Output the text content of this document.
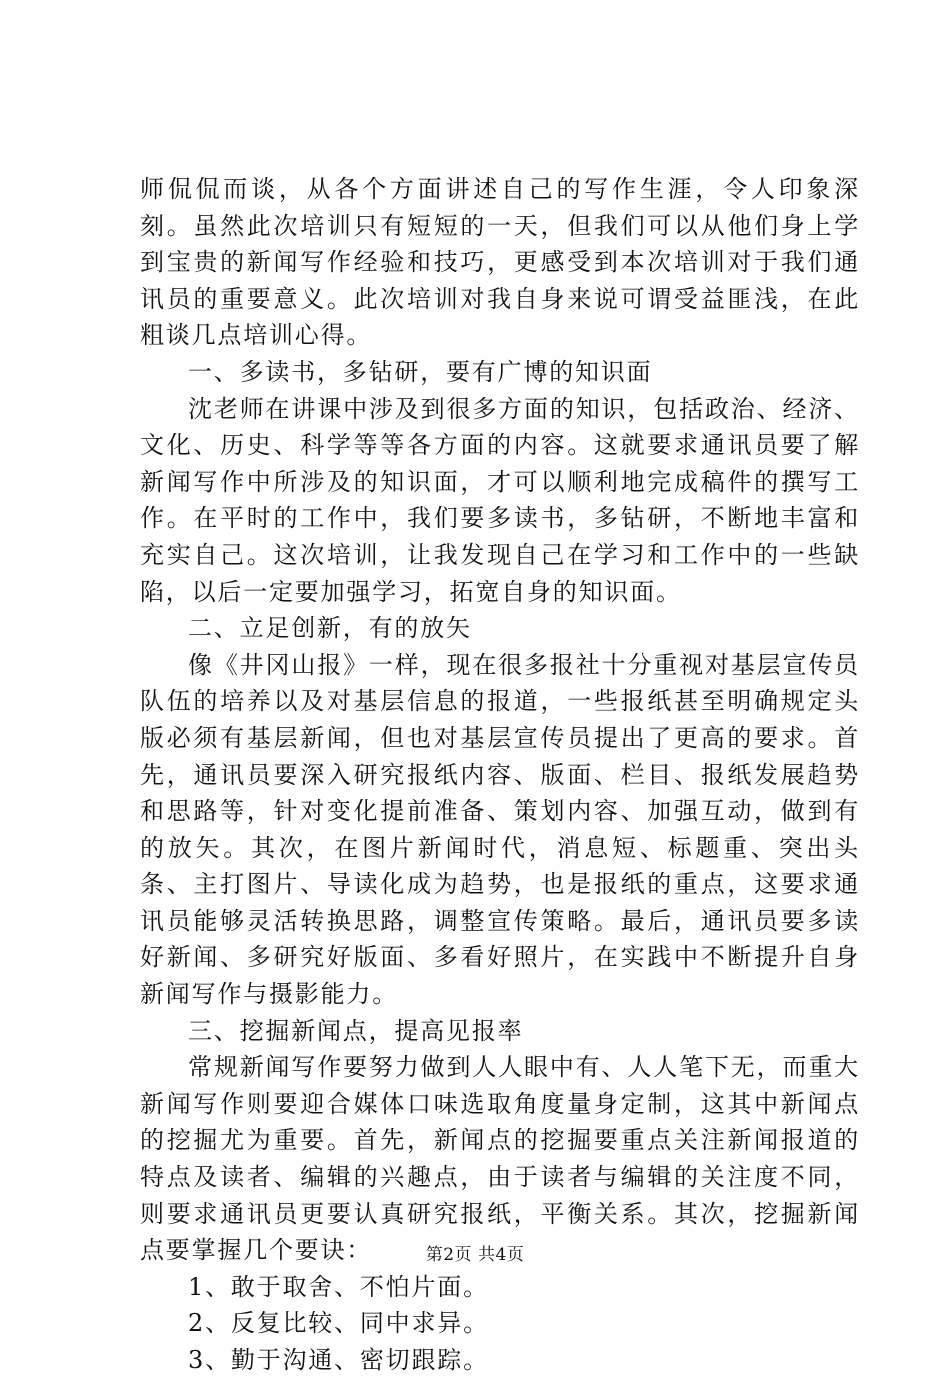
师侃侃而谈，从各个方面讲述自己的写作生涯，令人印象深刻。虽然此次培训只有短短的一天，但我们可以从他们身上学到宝贵的新闻写作经验和技巧，更感受到本次培训对于我们通讯员的重要意义。此次培训对我自身来说可谓受益匪浅，在此粗谈几点培训心得。

一、多读书，多钻研，要有广博的知识面

沈老师在讲课中涉及到很多方面的知识，包括政治、经济、文化、历史、科学等等各方面的内容。这就要求通讯员要了解新闻写作中所涉及的知识面，才可以顺利地完成稿件的撰写工作。在平时的工作中，我们要多读书，多钻研，不断地丰富和充实自己。这次培训，让我发现自己在学习和工作中的一些缺陷，以后一定要加强学习，拓宽自身的知识面。

二、立足创新，有的放矢

像《井冈山报》一样，现在很多报社十分重视对基层宣传员队伍的培养以及对基层信息的报道，一些报纸甚至明确规定头版必须有基层新闻，但也对基层宣传员提出了更高的要求。首先，通讯员要深入研究报纸内容、版面、栏目、报纸发展趋势和思路等，针对变化提前准备、策划内容、加强互动，做到有的放矢。其次，在图片新闻时代，消息短、标题重、突出头条、主打图片、导读化成为趋势，也是报纸的重点，这要求通讯员能够灵活转换思路，调整宣传策略。最后，通讯员要多读好新闻、多研究好版面、多看好照片，在实践中不断提升自身新闻写作与摄影能力。

三、挖掘新闻点，提高见报率

常规新闻写作要努力做到人人眼中有、人人笔下无，而重大新闻写作则要迎合媒体口味选取角度量身定制，这其中新闻点的挖掘尤为重要。首先，新闻点的挖掘要重点关注新闻报道的特点及读者、编辑的兴趣点，由于读者与编辑的关注度不同，则要求通讯员更要认真研究报纸，平衡关系。其次，挖掘新闻点要掌握几个要诀：

1、敢于取舍、不怕片面。

2、反复比较、同中求异。

3、勤于沟通、密切跟踪。

第2页 共4页
